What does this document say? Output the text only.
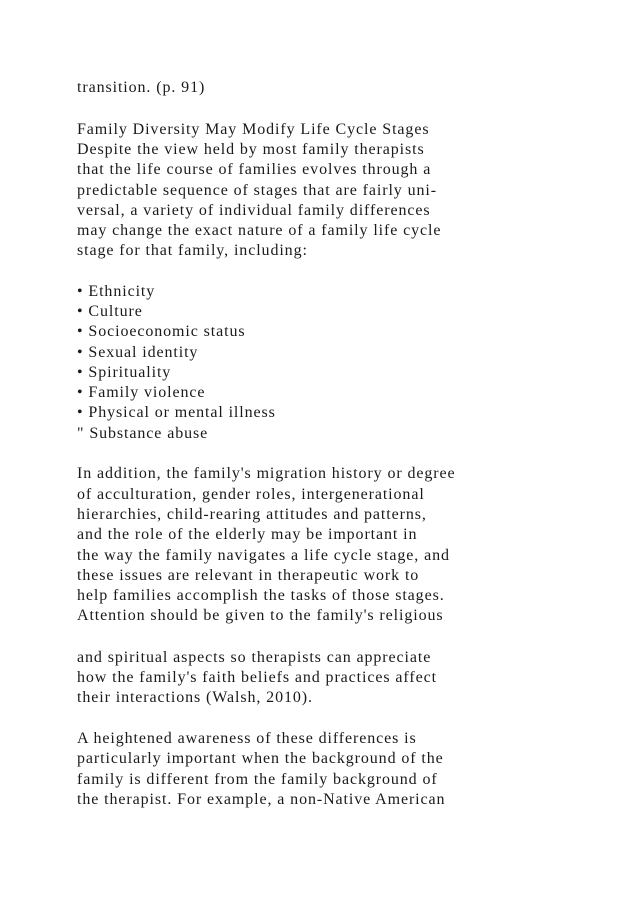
transition. (p. 91)
Family Diversity May Modify Life Cycle Stages
Despite the view held by most family therapists
that the life course of families evolves through a
predictable sequence of stages that are fairly uni-
versal, a variety of individual family differences
may change the exact nature of a family life cycle
stage for that family, including:
• Ethnicity
• Culture
• Socioeconomic status
• Sexual identity
• Spirituality
• Family violence
• Physical or mental illness
" Substance abuse
In addition, the family's migration history or degree
of acculturation, gender roles, intergenerational
hierarchies, child-rearing attitudes and patterns,
and the role of the elderly may be important in
the way the family navigates a life cycle stage, and
these issues are relevant in therapeutic work to
help families accomplish the tasks of those stages.
Attention should be given to the family's religious
and spiritual aspects so therapists can appreciate
how the family's faith beliefs and practices affect
their interactions (Walsh, 2010).
A heightened awareness of these differences is
particularly important when the background of the
family is different from the family background of
the therapist. For example, a non-Native American
